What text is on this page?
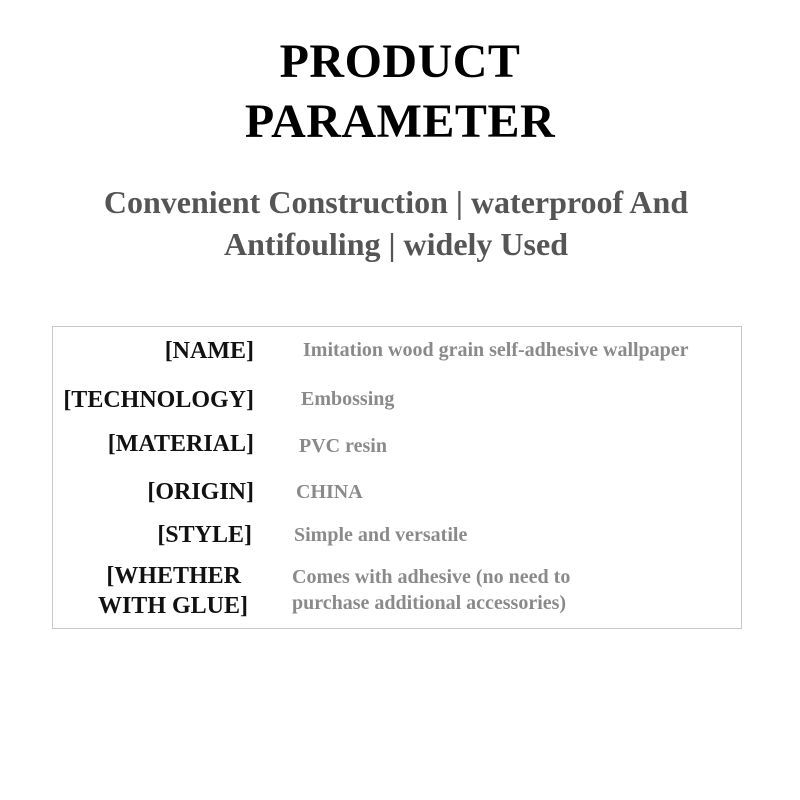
PRODUCT
PARAMETER
Convenient Construction | waterproof And
Antifouling | widely Used
[NAME] Imitation wood grain self-adhesive wallpaper
[TECHNOLOGY] Embossing
[MATERIAL] PVC resin
[ORIGIN] CHINA
[STYLE] Simple and versatile
[WHETHER
WITH GLUE]
Comes with adhesive (no need to
purchase additional accessories)
